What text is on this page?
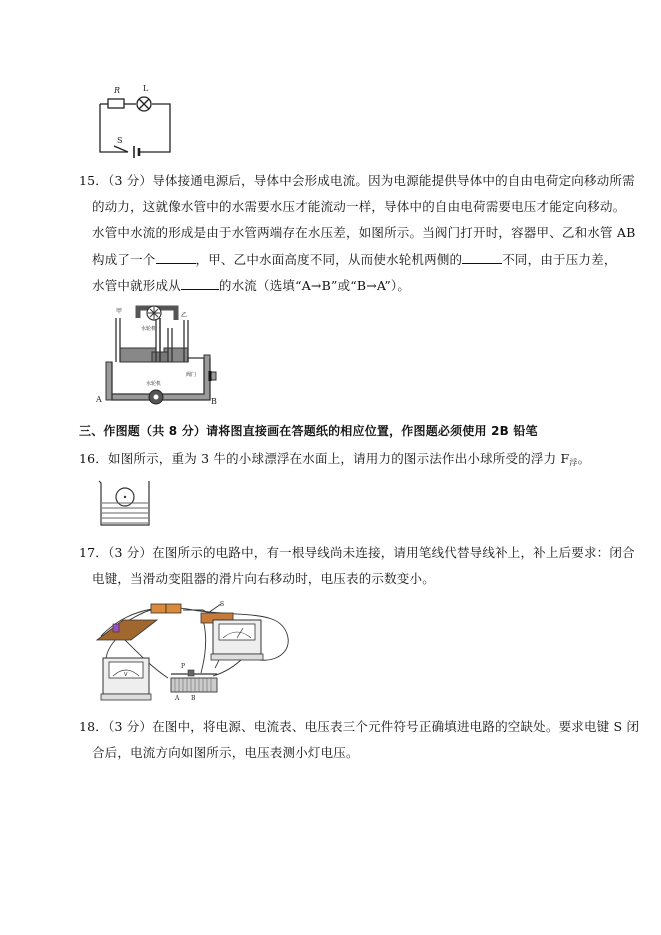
R	L
S
15．（3 分）导体接通电源后，导体中会形成电流。因为电源能提供导体中的自由电荷定向移动所需
的动力，这就像水管中的水需要水压才能流动一样，导体中的自由电荷需要电压才能定向移动。
水管中水流的形成是由于水管两端存在水压差，如图所示。当阀门打开时，容器甲、乙和水管 AB
构成了一个	，甲、乙中水面高度不同，从而使水轮机两侧的	不同，由于压力差，
水管中就形成从	的水流（选填“A→B”或“B→A”）。
甲
乙
水轮机
水轮机
阀门
A	B
三、作图题（共 8 分）请将图直接画在答题纸的相应位置，作图题必须使用 2B 铅笔
16．如图所示，重为 3 牛的小球漂浮在水面上，请用力的图示法作出小球所受的浮力 $F_浮$。
17．（3 分）在图所示的电路中，有一根导线尚未连接，请用笔线代替导线补上，补上后要求：闭合
电键，当滑动变阻器的滑片向右移动时，电压表的示数变小。
S
V
P
A B
18．（3 分）在图中，将电源、电流表、电压表三个元件符号正确填进电路的空缺处。要求电键 S 闭
合后，电流方向如图所示，电压表测小灯电压。
